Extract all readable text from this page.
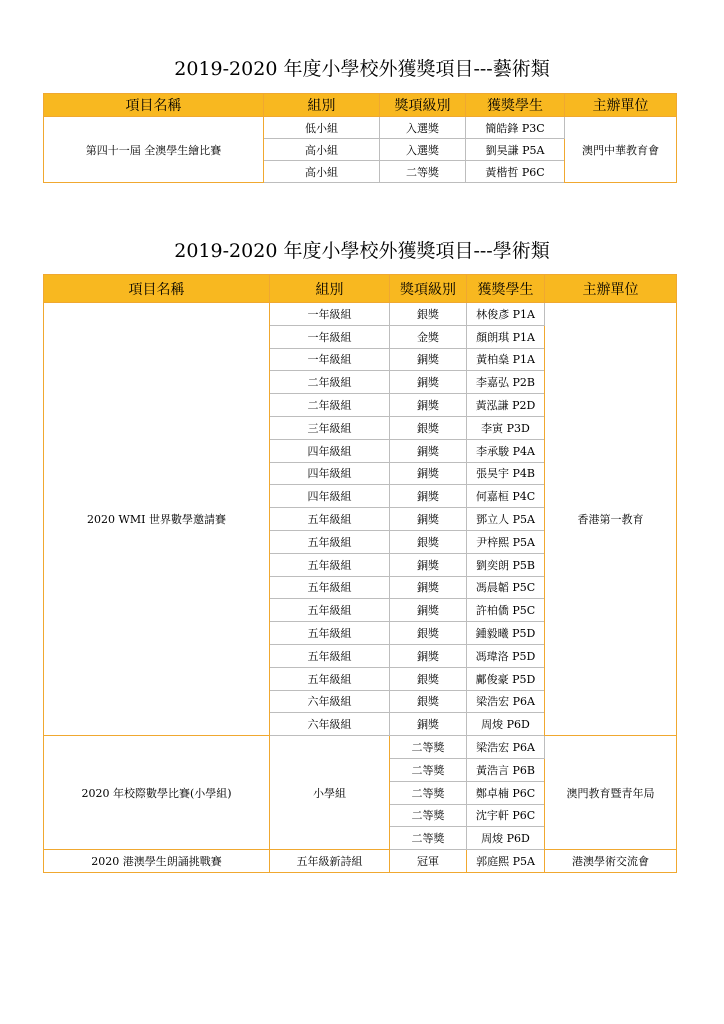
2019-2020 年度小學校外獲獎項目---藝術類
項目名稱	組別	獎項級別	獲獎學生	主辦單位
第四十一屆 全澳學生繪比賽	低小組	入選獎	簡皓鋒 P3C	澳門中華教育會
	高小組	入選獎	劉昊謙 P5A	
	高小組	二等獎	黃楷哲 P6C	
2019-2020 年度小學校外獲獎項目---學術類
項目名稱	組別	獎項級別	獲獎學生	主辦單位
2020 WMI 世界數學邀請賽	一年級組	銀獎	林俊彥 P1A	香港第一教育
	一年級組	金獎	顏朗琪 P1A	
	一年級組	銅獎	黃柏燊 P1A	
	二年級組	銅獎	李嘉弘 P2B	
	二年級組	銅獎	黃泓謙 P2D	
	三年級組	銀獎	李寅 P3D	
	四年級組	銅獎	李承駿 P4A	
	四年級組	銅獎	張昊宇 P4B	
	四年級組	銅獎	何嘉桓 P4C	
	五年級組	銅獎	鄧立人 P5A	
	五年級組	銀獎	尹梓熙 P5A	
	五年級組	銅獎	劉奕朗 P5B	
	五年級組	銅獎	馮晨韜 P5C	
	五年級組	銅獎	許柏僑 P5C	
	五年級組	銀獎	鍾毅曦 P5D	
	五年級組	銅獎	馮瑋洛 P5D	
	五年級組	銀獎	鄺俊豪 P5D	
	六年級組	銀獎	梁浩宏 P6A	
	六年級組	銅獎	周焌 P6D	
2020 年校際數學比賽(小學組)	小學組	二等獎	梁浩宏 P6A	澳門教育暨青年局
		二等獎	黃浩言 P6B	
		二等獎	鄭卓楠 P6C	
		二等獎	沈宇軒 P6C	
		二等獎	周焌 P6D	
2020 港澳學生朗誦挑戰賽	五年級新詩組	冠軍	郭庭熙 P5A	港澳學術交流會
